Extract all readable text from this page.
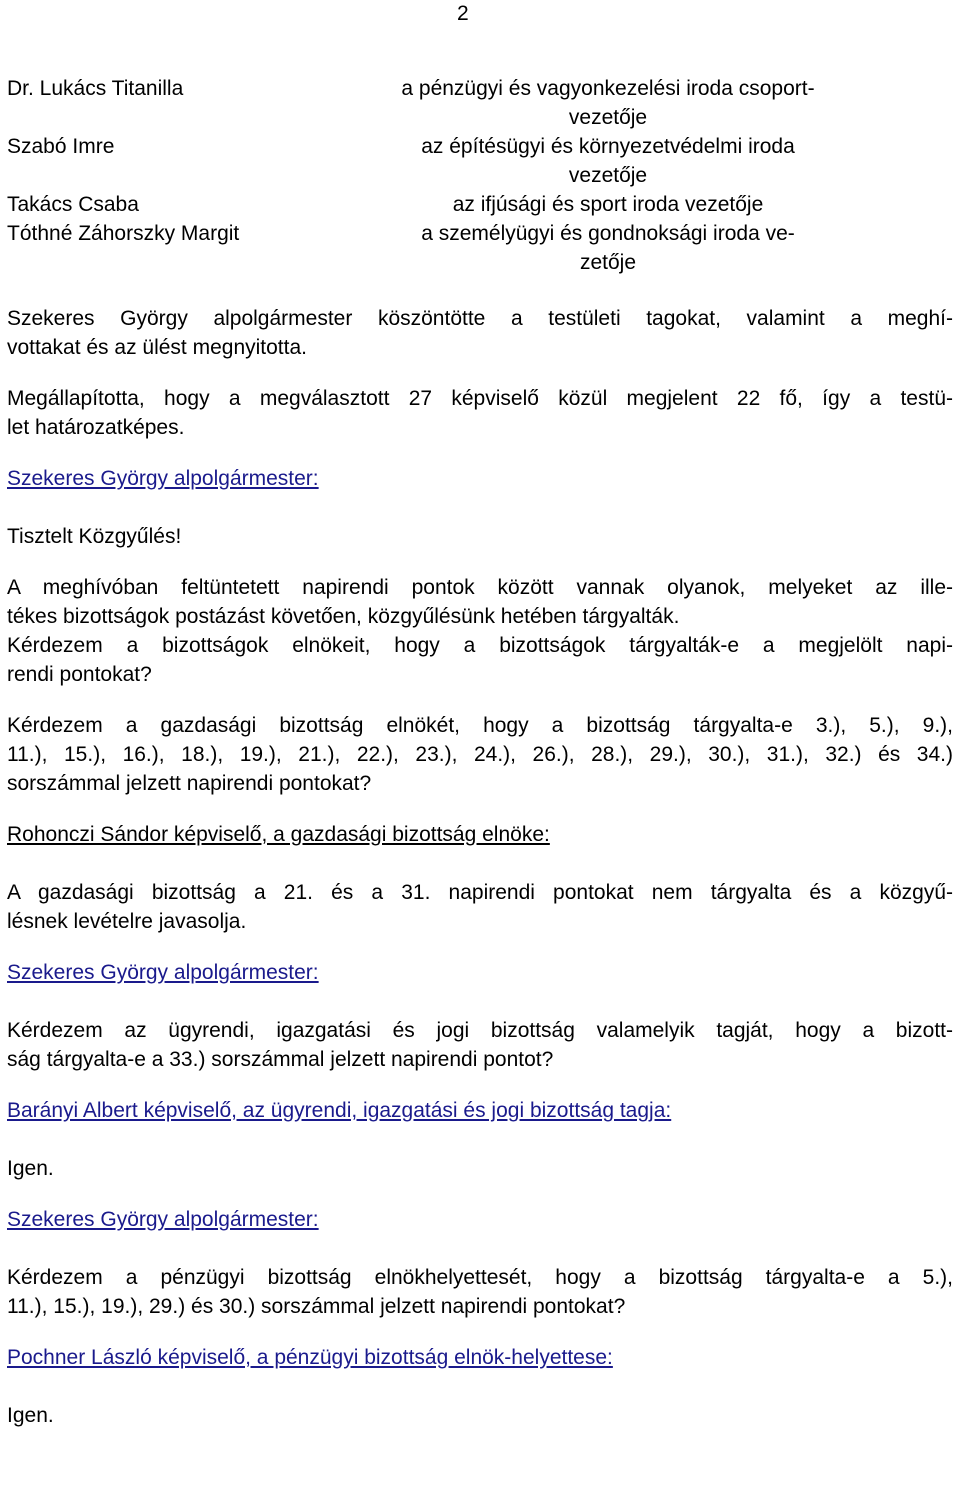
2
Dr. Lukács Titanilla	a pénzügyi és vagyonkezelési iroda csoport-
vezetője
Szabó Imre	az építésügyi és környezetvédelmi iroda
vezetője
Takács Csaba	az ifjúsági és sport iroda vezetője
Tóthné Záhorszky Margit	a személyügyi és gondnoksági iroda ve-
zetője
Szekeres György alpolgármester köszöntötte a testületi tagokat, valamint a meghí-
vottakat és az ülést megnyitotta.
Megállapította, hogy a megválasztott 27 képviselő közül megjelent 22 fő, így a testü-
let határozatképes.
Szekeres György alpolgármester:
Tisztelt Közgyűlés!
A meghívóban feltüntetett napirendi pontok között vannak olyanok, melyeket az ille-
tékes bizottságok postázást követően, közgyűlésünk hetében tárgyalták.
Kérdezem a bizottságok elnökeit, hogy a bizottságok tárgyalták-e a megjelölt napi-
rendi pontokat?
Kérdezem a gazdasági bizottság elnökét, hogy a bizottság tárgyalta-e 3.), 5.), 9.),
11.), 15.), 16.), 18.), 19.), 21.), 22.), 23.), 24.), 26.), 28.), 29.), 30.), 31.), 32.) és 34.)
sorszámmal jelzett napirendi pontokat?
Rohonczi Sándor képviselő, a gazdasági bizottság elnöke:
A gazdasági bizottság a 21. és a 31. napirendi pontokat nem tárgyalta és a közgyű-
lésnek levételre javasolja.
Szekeres György alpolgármester:
Kérdezem az ügyrendi, igazgatási és jogi bizottság valamelyik tagját, hogy a bizott-
ság tárgyalta-e a 33.) sorszámmal jelzett napirendi pontot?
Barányi Albert képviselő, az ügyrendi, igazgatási és jogi bizottság tagja:
Igen.
Szekeres György alpolgármester:
Kérdezem a pénzügyi bizottság elnökhelyettesét, hogy a bizottság tárgyalta-e a 5.),
11.), 15.), 19.), 29.) és 30.) sorszámmal jelzett napirendi pontokat?
Pochner László képviselő, a pénzügyi bizottság elnök-helyettese:
Igen.
